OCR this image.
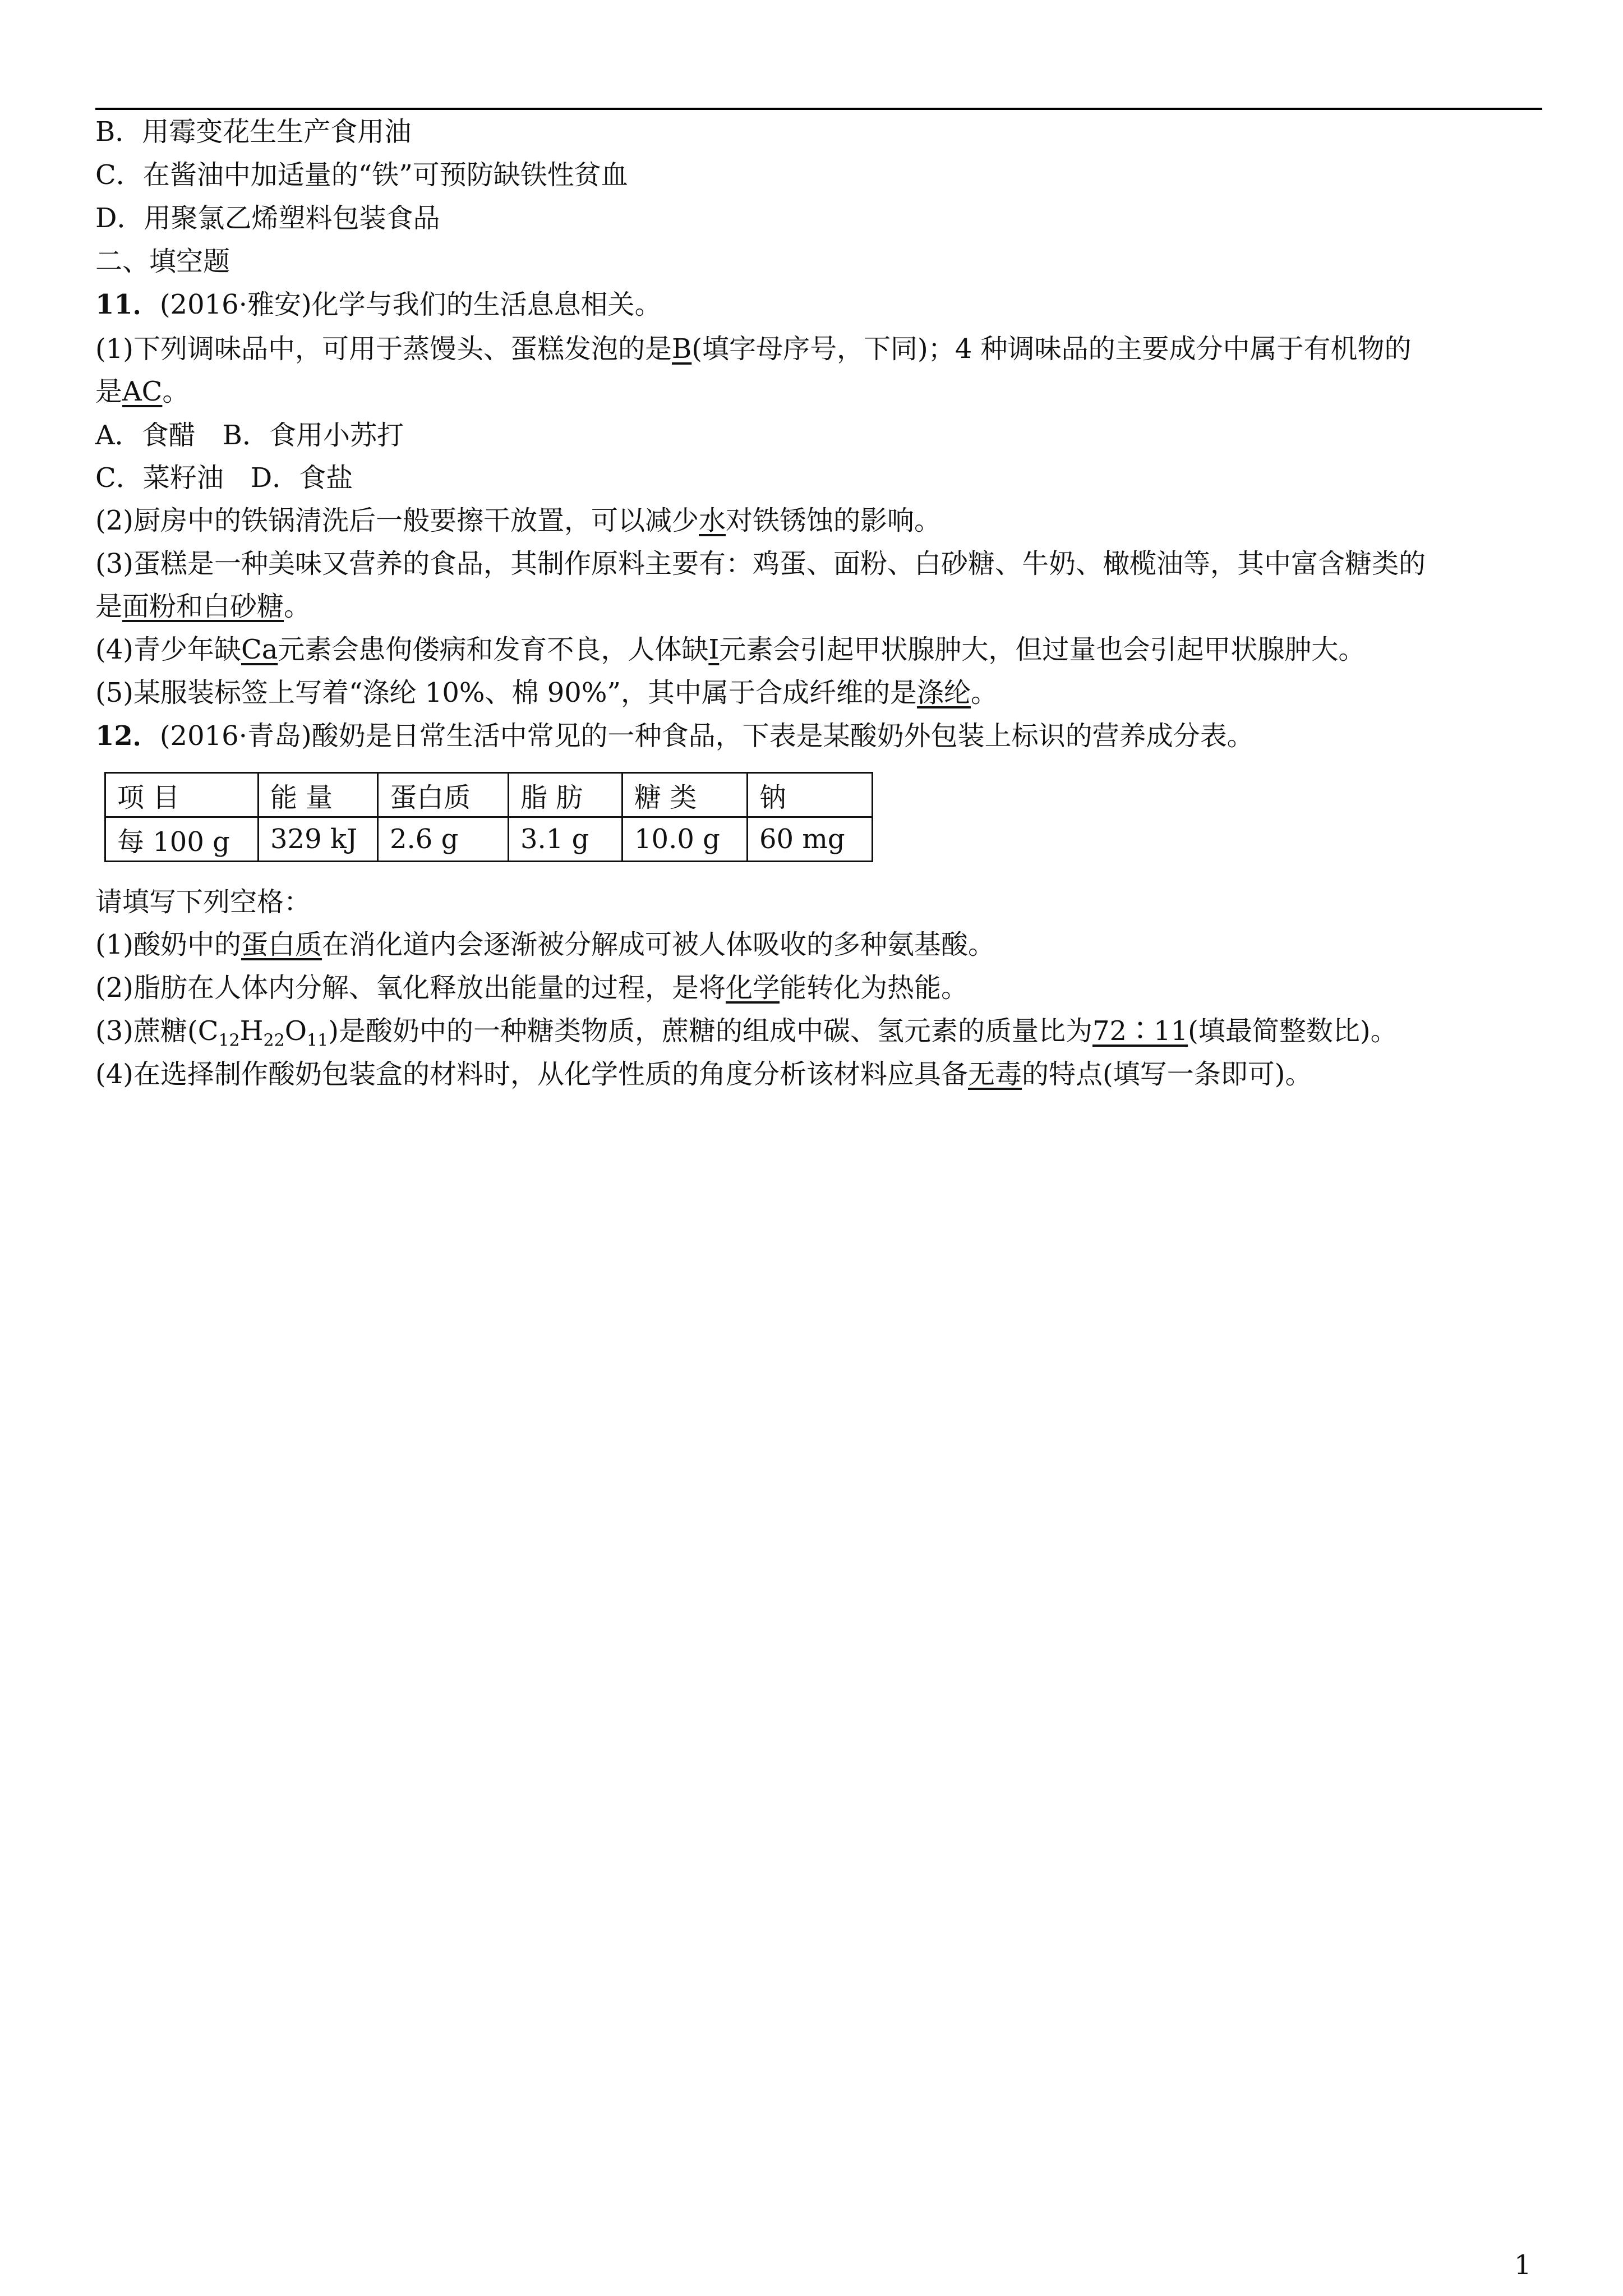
B．用霉变花生生产食用油
C．在酱油中加适量的“铁”可预防缺铁性贫血
D．用聚氯乙烯塑料包装食品
二、填空题
11．(2016·雅安)化学与我们的生活息息相关。
(1)下列调味品中，可用于蒸馒头、蛋糕发泡的是B(填字母序号，下同)；4 种调味品的主要成分中属于有机物的
是AC。
A．食醋　B．食用小苏打
C．菜籽油　D．食盐
(2)厨房中的铁锅清洗后一般要擦干放置，可以减少水对铁锈蚀的影响。
(3)蛋糕是一种美味又营养的食品，其制作原料主要有：鸡蛋、面粉、白砂糖、牛奶、橄榄油等，其中富含糖类的
是面粉和白砂糖。
(4)青少年缺Ca元素会患佝偻病和发育不良，人体缺I元素会引起甲状腺肿大，但过量也会引起甲状腺肿大。
(5)某服装标签上写着“涤纶 10%、棉 90%”，其中属于合成纤维的是涤纶。
12．(2016·青岛)酸奶是日常生活中常见的一种食品，下表是某酸奶外包装上标识的营养成分表。
项 目	能 量	蛋白质	脂 肪	糖 类	钠
每 100 g	329 kJ	2.6 g	3.1 g	10.0 g	60 mg
请填写下列空格：
(1)酸奶中的蛋白质在消化道内会逐渐被分解成可被人体吸收的多种氨基酸。
(2)脂肪在人体内分解、氧化释放出能量的过程，是将化学能转化为热能。
(3)蔗糖$(C_{12}H_{22}O_{11})$是酸奶中的一种糖类物质，蔗糖的组成中碳、氢元素的质量比为72∶11(填最简整数比)。
(4)在选择制作酸奶包装盒的材料时，从化学性质的角度分析该材料应具备无毒的特点(填写一条即可)。
1
